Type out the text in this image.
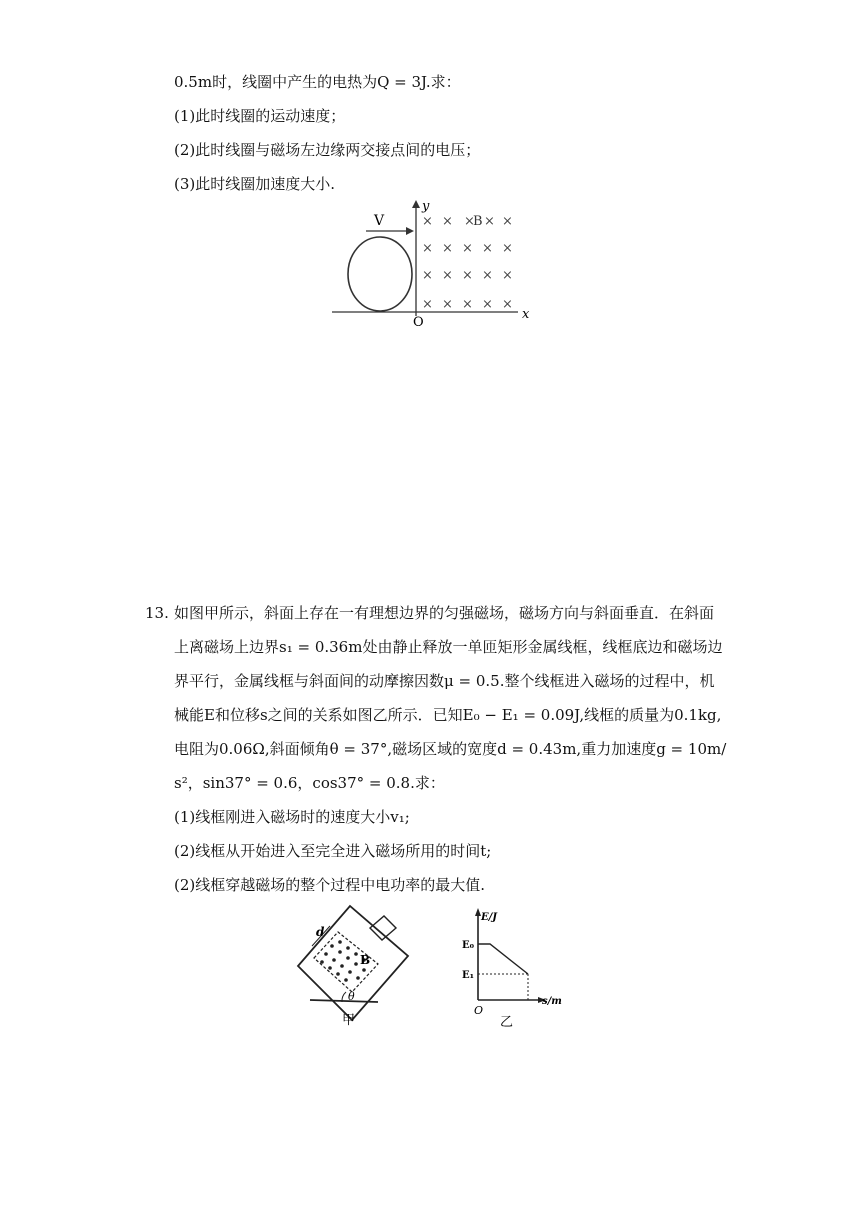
0.5m时，线圈中产生的电热为Q = 3J.求：
(1)此时线圈的运动速度；
(2)此时线圈与磁场左边缘两交接点间的电压；
(3)此时线圈加速度大小.
V
x
y
O
× × × × ×
× × × × ×
× × × × ×
× × × × ×
B
13. 如图甲所示，斜面上存在一有理想边界的匀强磁场，磁场方向与斜面垂直．在斜面
上离磁场上边界s₁ = 0.36m处由静止释放一单匝矩形金属线框，线框底边和磁场边
界平行，金属线框与斜面间的动摩擦因数μ = 0.5.整个线框进入磁场的过程中，机
械能E和位移s之间的关系如图乙所示．已知E₀ − E₁ = 0.09J,线框的质量为0.1kg,
电阻为0.06Ω,斜面倾角θ = 37°,磁场区域的宽度d = 0.43m,重力加速度g = 10m/
s²，sin37° = 0.6，cos37° = 0.8.求：
(1)线框刚进入磁场时的速度大小v₁;
(2)线框从开始进入至完全进入磁场所用的时间t;
(2)线框穿越磁场的整个过程中电功率的最大值.
d
B
θ
甲
E/J
E₀
E₁
O
s/m
乙
